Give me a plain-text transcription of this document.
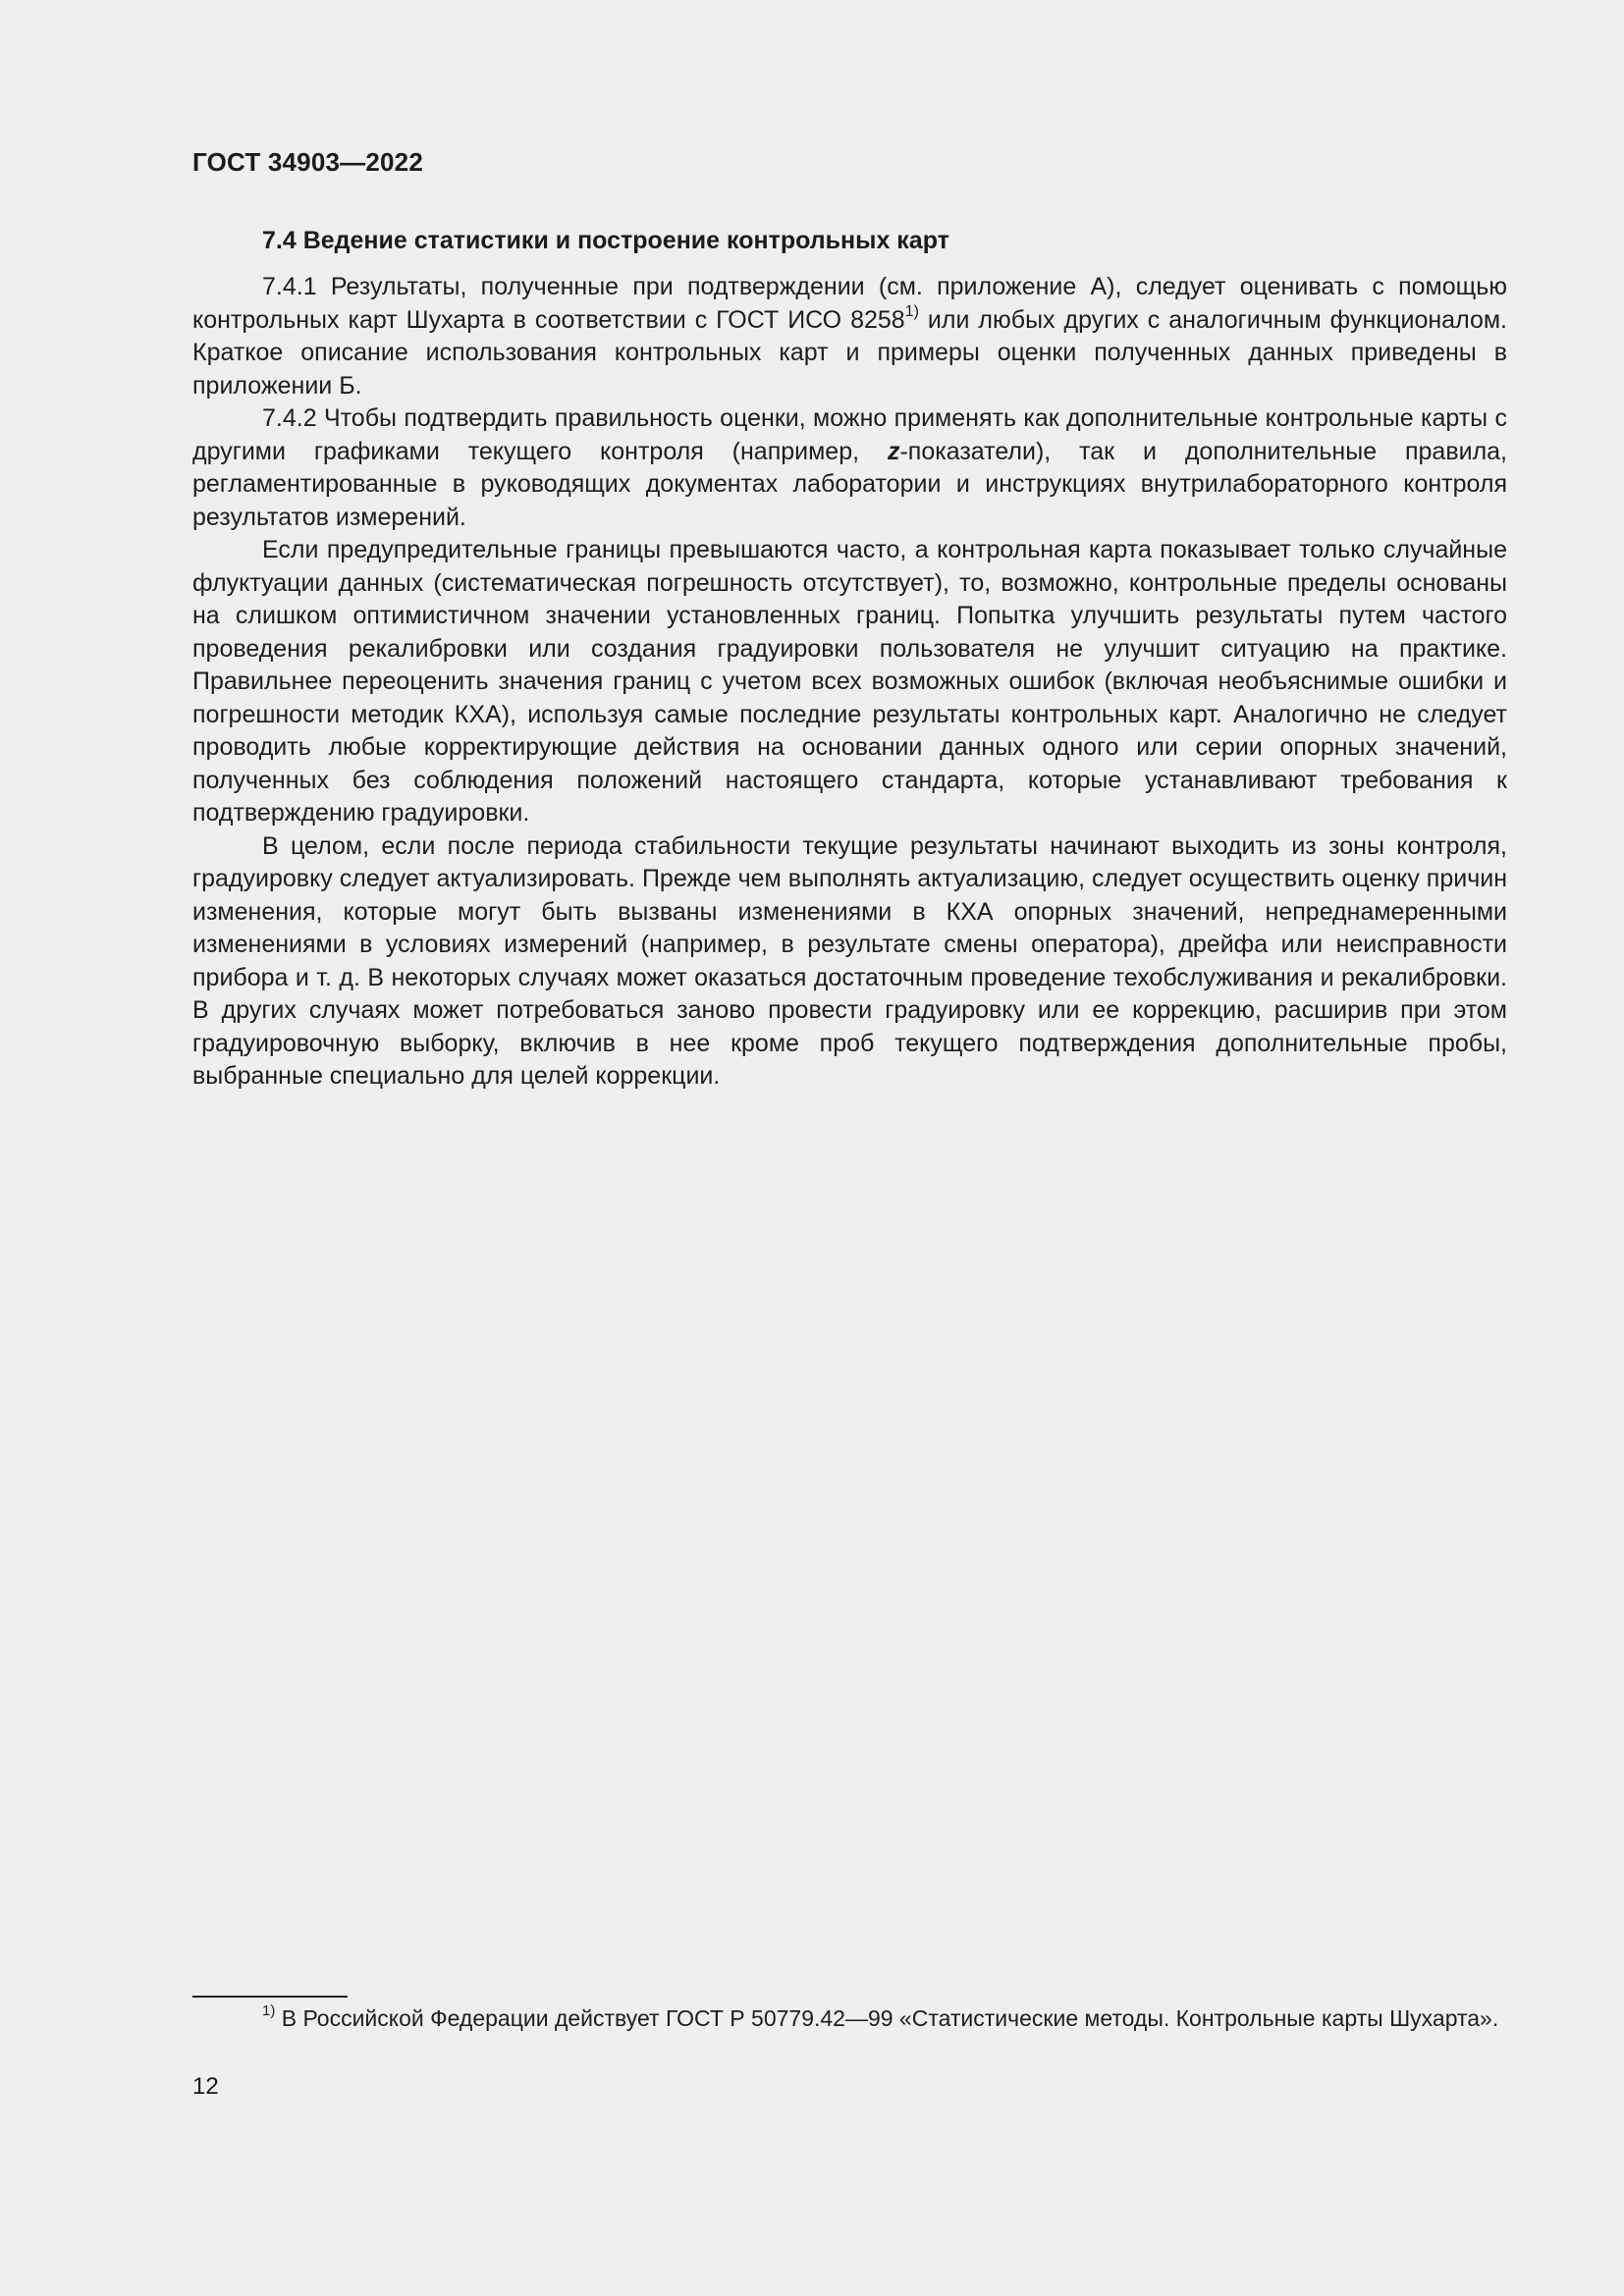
ГОСТ 34903—2022
7.4 Ведение статистики и построение контрольных карт

7.4.1 Результаты, полученные при подтверждении (см. приложение А), следует оценивать с помощью контрольных карт Шухарта в соответствии с ГОСТ ИСО 8258$^{1)}$ или любых других с аналогичным функционалом. Краткое описание использования контрольных карт и примеры оценки полученных данных приведены в приложении Б.

7.4.2 Чтобы подтвердить правильность оценки, можно применять как дополнительные контрольные карты с другими графиками текущего контроля (например, z-показатели), так и дополнительные правила, регламентированные в руководящих документах лаборатории и инструкциях внутрилабораторного контроля результатов измерений.

Если предупредительные границы превышаются часто, а контрольная карта показывает только случайные флуктуации данных (систематическая погрешность отсутствует), то, возможно, контрольные пределы основаны на слишком оптимистичном значении установленных границ. Попытка улучшить результаты путем частого проведения рекалибровки или создания градуировки пользователя не улучшит ситуацию на практике. Правильнее переоценить значения границ с учетом всех возможных ошибок (включая необъяснимые ошибки и погрешности методик КХА), используя самые последние результаты контрольных карт. Аналогично не следует проводить любые корректирующие действия на основании данных одного или серии опорных значений, полученных без соблюдения положений настоящего стандарта, которые устанавливают требования к подтверждению градуировки.

В целом, если после периода стабильности текущие результаты начинают выходить из зоны контроля, градуировку следует актуализировать. Прежде чем выполнять актуализацию, следует осуществить оценку причин изменения, которые могут быть вызваны изменениями в КХА опорных значений, непреднамеренными изменениями в условиях измерений (например, в результате смены оператора), дрейфа или неисправности прибора и т. д. В некоторых случаях может оказаться достаточным проведение техобслуживания и рекалибровки. В других случаях может потребоваться заново провести градуировку или ее коррекцию, расширив при этом градуировочную выборку, включив в нее кроме проб текущего подтверждения дополнительные пробы, выбранные специально для целей коррекции.

$^{1)}$ В Российской Федерации действует ГОСТ Р 50779.42—99 «Статистические методы. Контрольные карты Шухарта».

12
